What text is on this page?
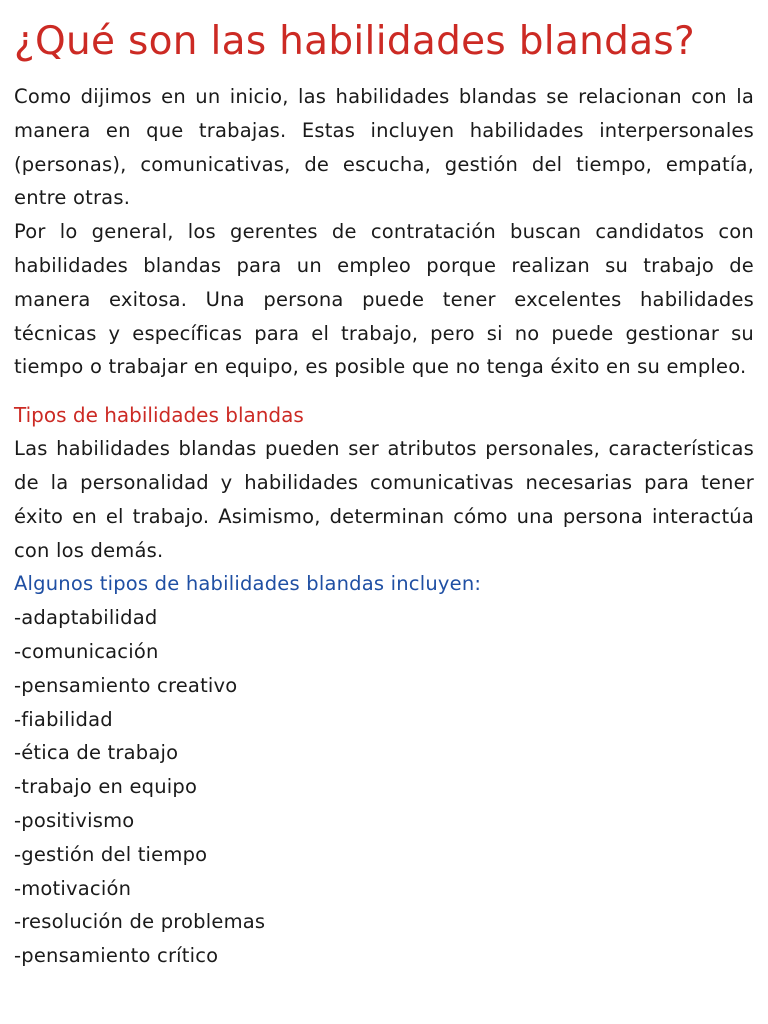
¿Qué son las habilidades blandas?

Como dijimos en un inicio, las habilidades blandas se relacionan con la manera en que trabajas. Estas incluyen habilidades interpersonales (personas), comunicativas, de escucha, gestión del tiempo, empatía, entre otras.

Por lo general, los gerentes de contratación buscan candidatos con habilidades blandas para un empleo porque realizan su trabajo de manera exitosa. Una persona puede tener excelentes habilidades técnicas y específicas para el trabajo, pero si no puede gestionar su tiempo o trabajar en equipo, es posible que no tenga éxito en su empleo.

Tipos de habilidades blandas

Las habilidades blandas pueden ser atributos personales, características de la personalidad y habilidades comunicativas necesarias para tener éxito en el trabajo. Asimismo, determinan cómo una persona interactúa con los demás.

Algunos tipos de habilidades blandas incluyen:

-adaptabilidad
-comunicación
-pensamiento creativo
-fiabilidad
-ética de trabajo
-trabajo en equipo
-positivismo
-gestión del tiempo
-motivación
-resolución de problemas
-pensamiento crítico
